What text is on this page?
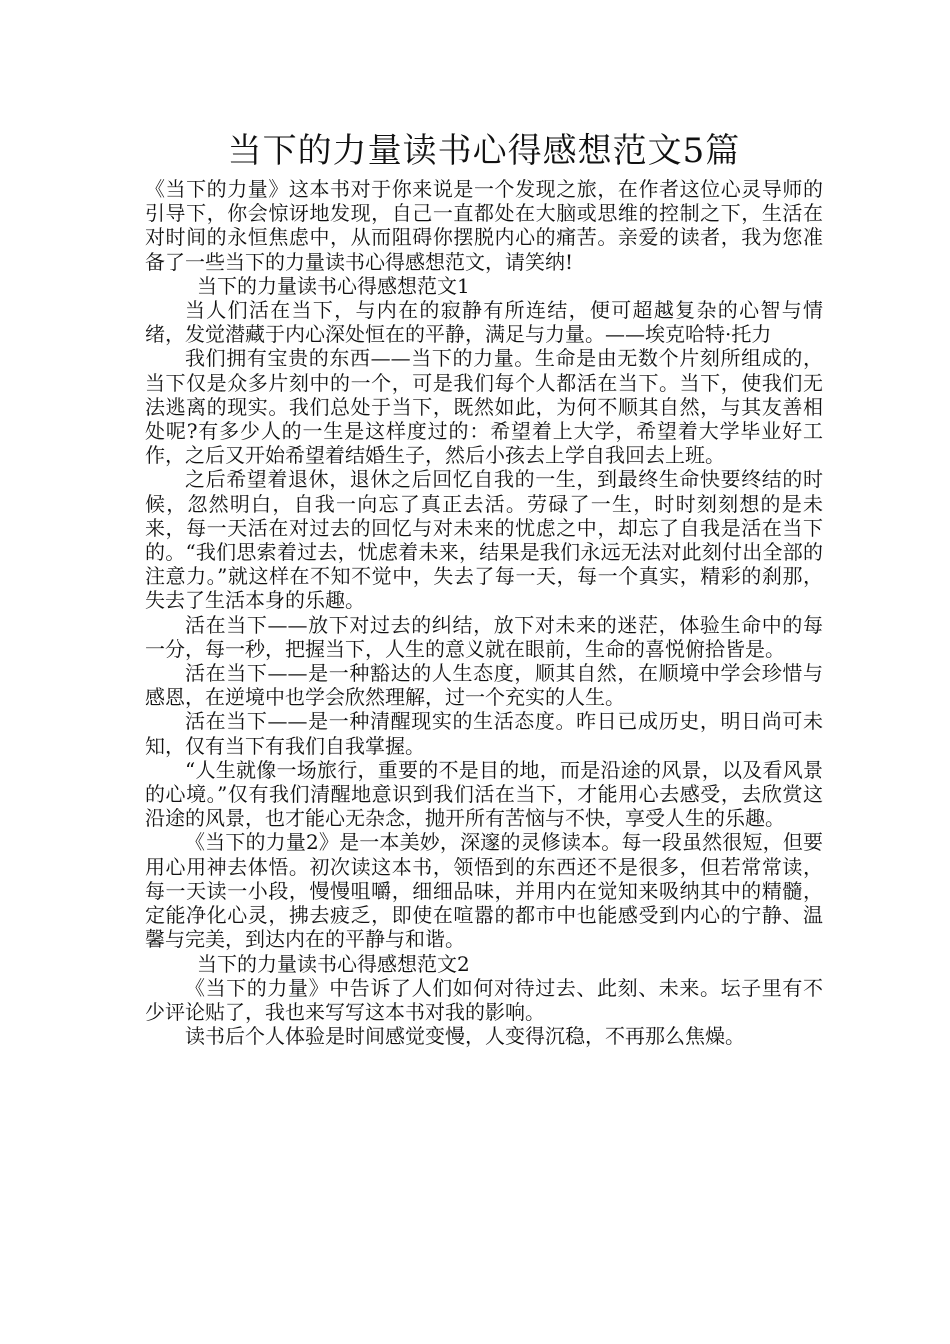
当下的力量读书心得感想范文5篇

《当下的力量》这本书对于你来说是一个发现之旅，在作者这位心灵导师的引导下，你会惊讶地发现，自己一直都处在大脑或思维的控制之下，生活在对时间的永恒焦虑中，从而阻碍你摆脱内心的痛苦。亲爱的读者，我为您准备了一些当下的力量读书心得感想范文，请笑纳!

当下的力量读书心得感想范文1

当人们活在当下，与内在的寂静有所连结，便可超越复杂的心智与情绪，发觉潜藏于内心深处恒在的平静，满足与力量。——埃克哈特·托力

我们拥有宝贵的东西——当下的力量。生命是由无数个片刻所组成的，当下仅是众多片刻中的一个，可是我们每个人都活在当下。当下，使我们无法逃离的现实。我们总处于当下，既然如此，为何不顺其自然，与其友善相处呢?有多少人的一生是这样度过的：希望着上大学，希望着大学毕业好工作，之后又开始希望着结婚生子，然后小孩去上学自我回去上班。

之后希望着退休，退休之后回忆自我的一生，到最终生命快要终结的时候，忽然明白，自我一向忘了真正去活。劳碌了一生，时时刻刻想的是未来，每一天活在对过去的回忆与对未来的忧虑之中，却忘了自我是活在当下的。“我们思索着过去，忧虑着未来，结果是我们永远无法对此刻付出全部的注意力。”就这样在不知不觉中，失去了每一天，每一个真实，精彩的刹那，失去了生活本身的乐趣。

活在当下——放下对过去的纠结，放下对未来的迷茫，体验生命中的每一分，每一秒，把握当下，人生的意义就在眼前，生命的喜悦俯拾皆是。

活在当下——是一种豁达的人生态度，顺其自然，在顺境中学会珍惜与感恩，在逆境中也学会欣然理解，过一个充实的人生。

活在当下——是一种清醒现实的生活态度。昨日已成历史，明日尚可未知，仅有当下有我们自我掌握。

“人生就像一场旅行，重要的不是目的地，而是沿途的风景，以及看风景的心境。”仅有我们清醒地意识到我们活在当下，才能用心去感受，去欣赏这沿途的风景，也才能心无杂念，抛开所有苦恼与不快，享受人生的乐趣。

《当下的力量2》是一本美妙，深邃的灵修读本。每一段虽然很短，但要用心用神去体悟。初次读这本书，领悟到的东西还不是很多，但若常常读，每一天读一小段，慢慢咀嚼，细细品味，并用内在觉知来吸纳其中的精髓，定能净化心灵，拂去疲乏，即使在喧嚣的都市中也能感受到内心的宁静、温馨与完美，到达内在的平静与和谐。

当下的力量读书心得感想范文2

《当下的力量》中告诉了人们如何对待过去、此刻、未来。坛子里有不少评论贴了，我也来写写这本书对我的影响。

读书后个人体验是时间感觉变慢，人变得沉稳，不再那么焦燥。
